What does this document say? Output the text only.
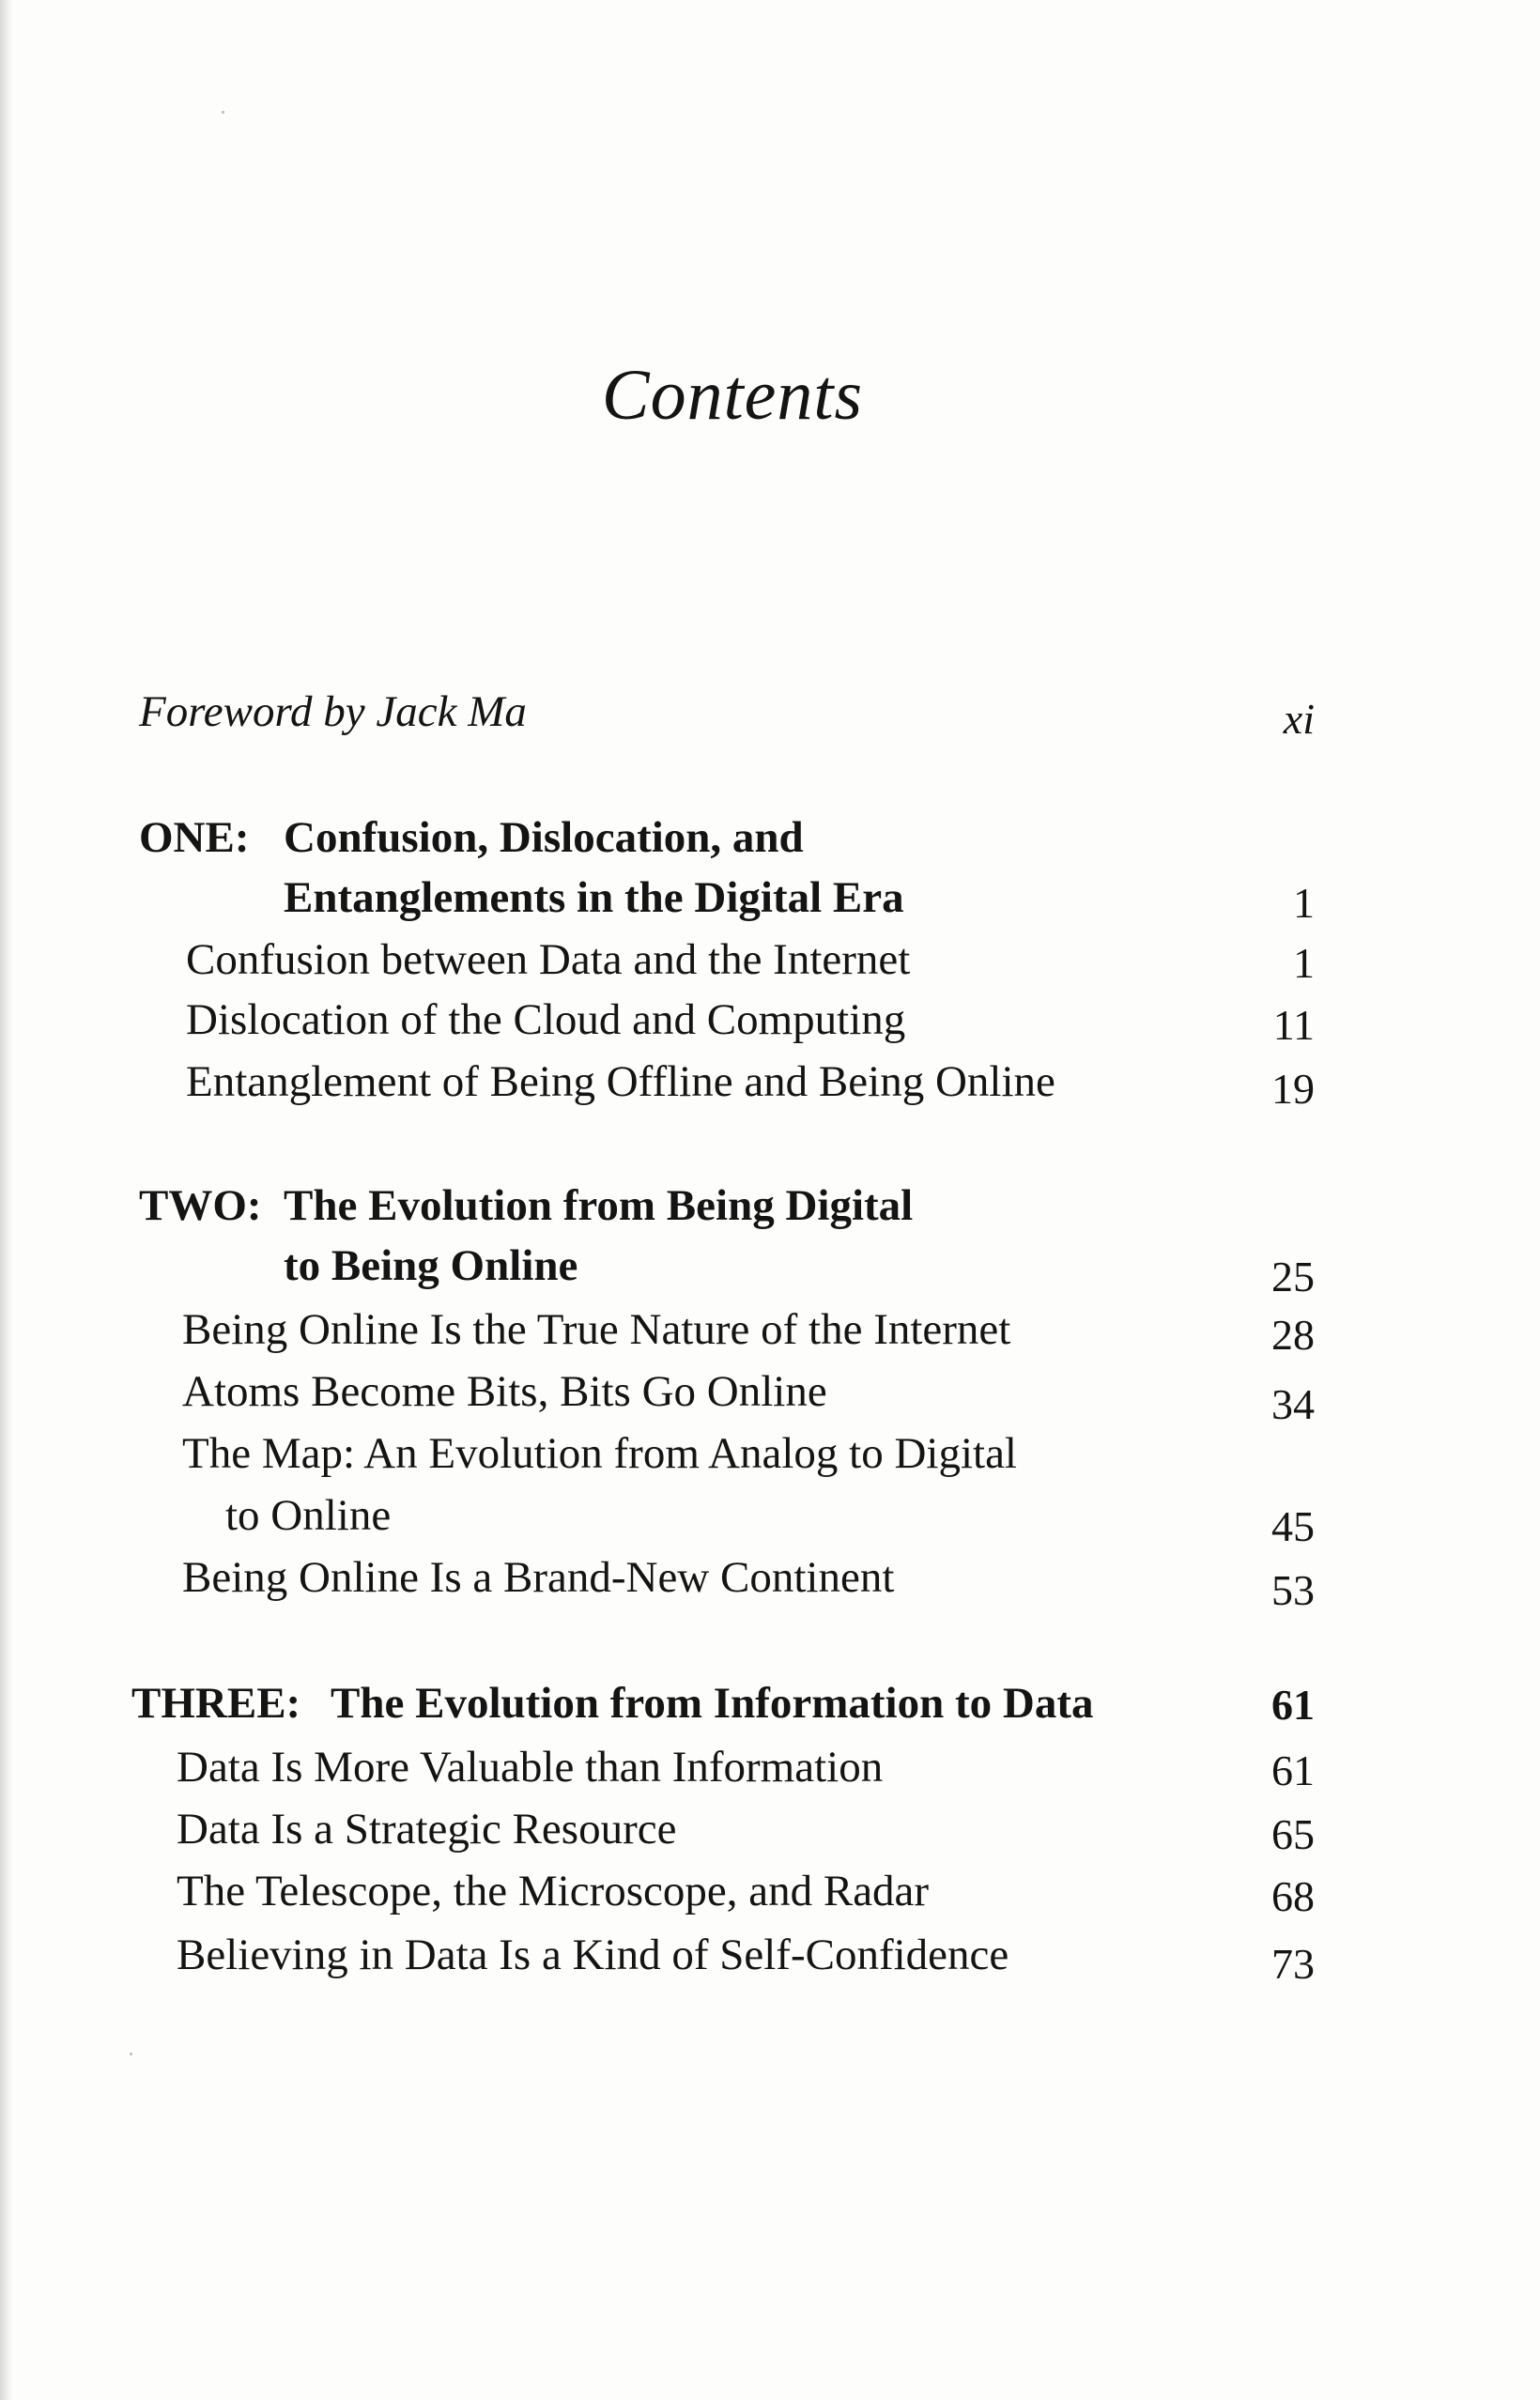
Contents
Foreword by Jack Ma	xi
ONE: Confusion, Dislocation, and
Entanglements in the Digital Era	1
Confusion between Data and the Internet	1
Dislocation of the Cloud and Computing	11
Entanglement of Being Offline and Being Online	19
TWO: The Evolution from Being Digital
to Being Online	25
Being Online Is the True Nature of the Internet	28
Atoms Become Bits, Bits Go Online	34
The Map: An Evolution from Analog to Digital
to Online	45
Being Online Is a Brand-New Continent	53
THREE: The Evolution from Information to Data	61
Data Is More Valuable than Information	61
Data Is a Strategic Resource	65
The Telescope, the Microscope, and Radar	68
Believing in Data Is a Kind of Self-Confidence	73
